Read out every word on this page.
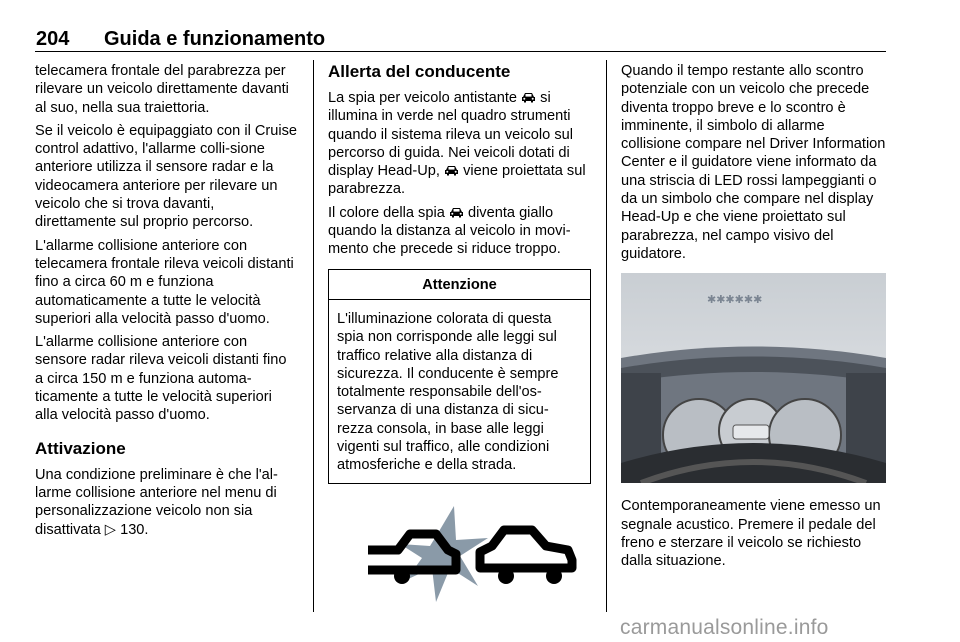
204 Guida e funzionamento

telecamera frontale del parabrezza per rilevare un veicolo direttamente davanti al suo, nella sua traiettoria.

Se il veicolo è equipaggiato con il Cruise control adattivo, l'allarme colli-sione anteriore utilizza il sensore radar e la videocamera anteriore per rilevare un veicolo che si trova davanti, direttamente sul proprio percorso.

L'allarme collisione anteriore con telecamera frontale rileva veicoli distanti fino a circa 60 m e funziona automaticamente a tutte le velocità superiori alla velocità passo d'uomo.

L'allarme collisione anteriore con sensore radar rileva veicoli distanti fino a circa 150 m e funziona automa-ticamente a tutte le velocità superiori alla velocità passo d'uomo.

Attivazione

Una condizione preliminare è che l'al-larme collisione anteriore nel menu di personalizzazione veicolo non sia disattivata ▷ 130.

Allerta del conducente

La spia per veicolo antistante si illumina in verde nel quadro strumenti quando il sistema rileva un veicolo sul percorso di guida. Nei veicoli dotati di display Head-Up, viene proiettata sul parabrezza.

Il colore della spia diventa giallo quando la distanza al veicolo in movi-mento che precede si riduce troppo.

Attenzione
L'illuminazione colorata di questa spia non corrisponde alle leggi sul traffico relative alla distanza di sicurezza. Il conducente è sempre totalmente responsabile dell'os-servanza di una distanza di sicu-rezza consola, in base alle leggi vigenti sul traffico, alle condizioni atmosferiche e della strada.

Quando il tempo restante allo scontro potenziale con un veicolo che precede diventa troppo breve e lo scontro è imminente, il simbolo di allarme collisione compare nel Driver Information Center e il guidatore viene informato da una striscia di LED rossi lampeggianti o da un simbolo che compare nel display Head-Up e che viene proiettato sul parabrezza, nel campo visivo del guidatore.

✱✱✱✱✱✱

Contemporaneamente viene emesso un segnale acustico. Premere il pedale del freno e sterzare il veicolo se richiesto dalla situazione.

carmanualsonline.info
